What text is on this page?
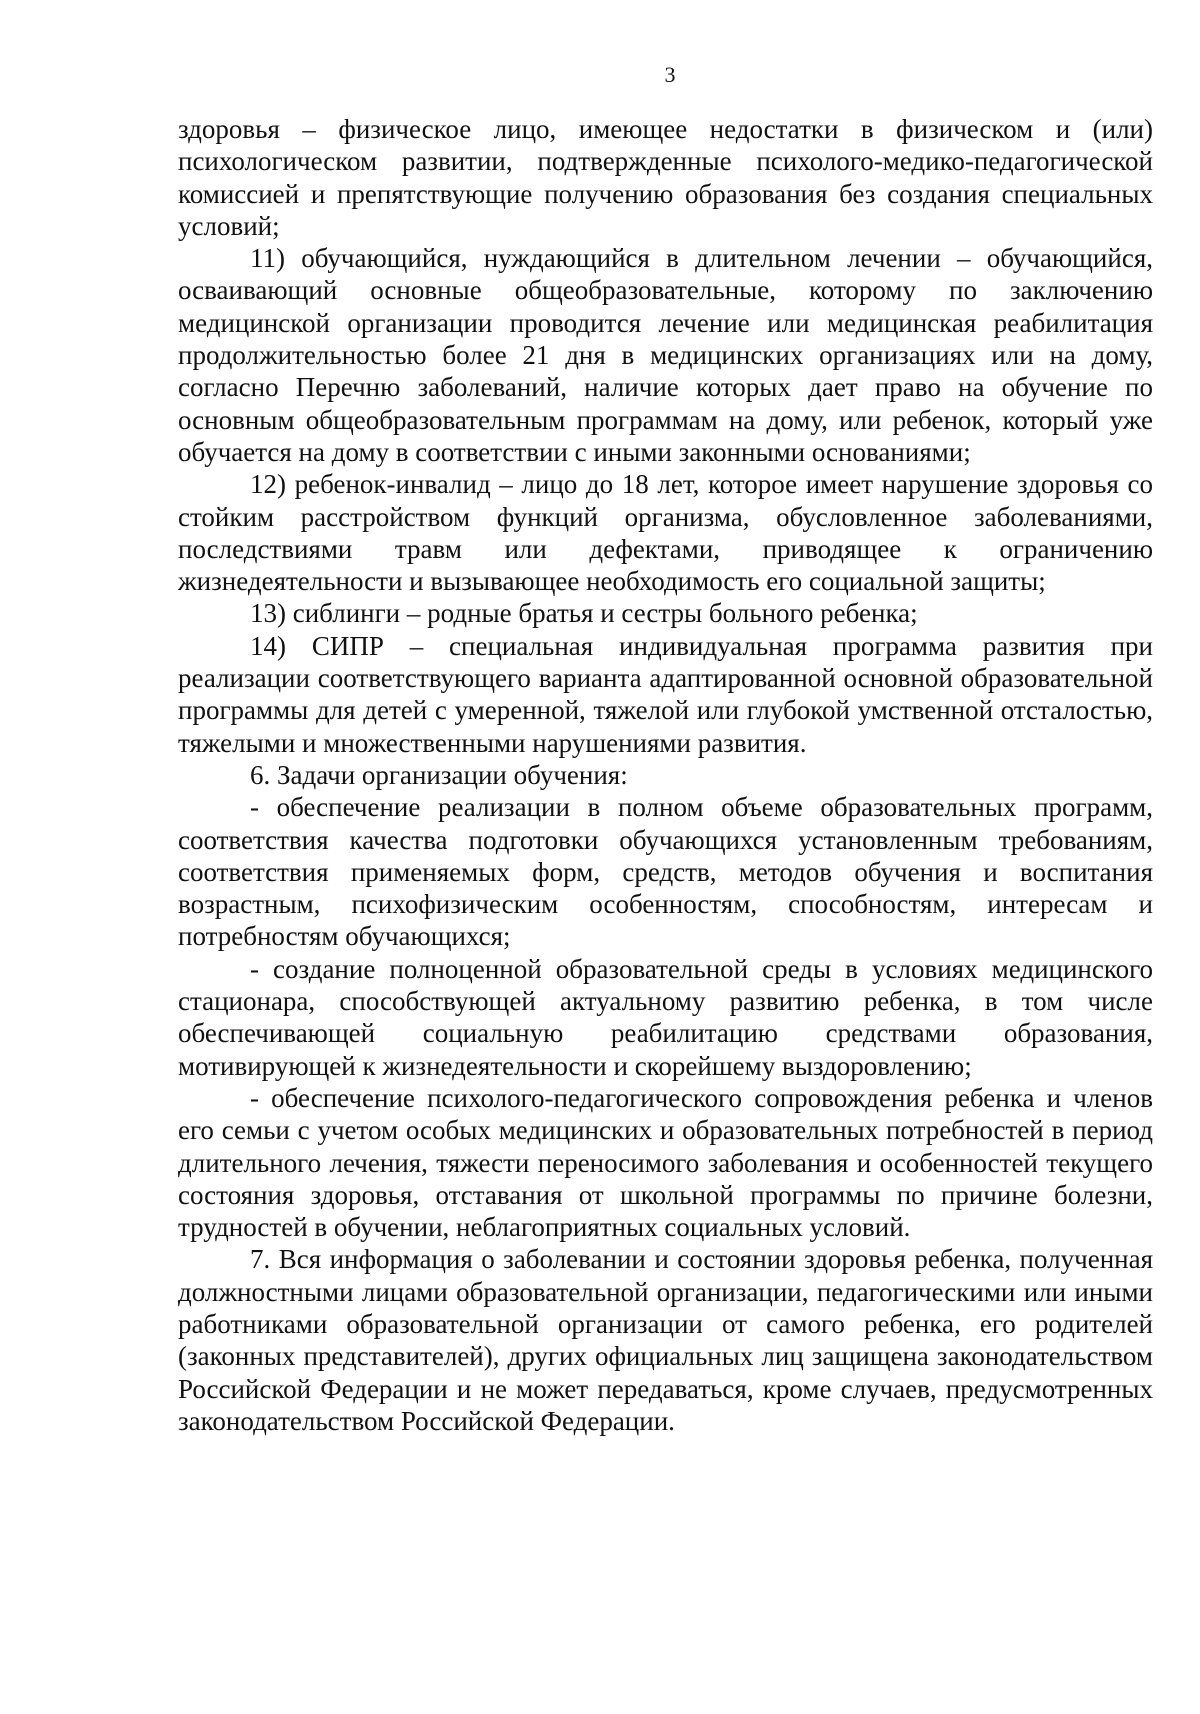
3

здоровья – физическое лицо, имеющее недостатки в физическом и (или) психологическом развитии, подтвержденные психолого-медико-педагогической комиссией и препятствующие получению образования без создания специальных условий;

11) обучающийся, нуждающийся в длительном лечении – обучающийся, осваивающий основные общеобразовательные, которому по заключению медицинской организации проводится лечение или медицинская реабилитация продолжительностью более 21 дня в медицинских организациях или на дому, согласно Перечню заболеваний, наличие которых дает право на обучение по основным общеобразовательным программам на дому, или ребенок, который уже обучается на дому в соответствии с иными законными основаниями;

12) ребенок-инвалид – лицо до 18 лет, которое имеет нарушение здоровья со стойким расстройством функций организма, обусловленное заболеваниями, последствиями травм или дефектами, приводящее к ограничению жизнедеятельности и вызывающее необходимость его социальной защиты;

13) сиблинги – родные братья и сестры больного ребенка;

14) СИПР – специальная индивидуальная программа развития при реализации соответствующего варианта адаптированной основной образовательной программы для детей с умеренной, тяжелой или глубокой умственной отсталостью, тяжелыми и множественными нарушениями развития.

6. Задачи организации обучения:

- обеспечение реализации в полном объеме образовательных программ, соответствия качества подготовки обучающихся установленным требованиям, соответствия применяемых форм, средств, методов обучения и воспитания возрастным, психофизическим особенностям, способностям, интересам и потребностям обучающихся;

- создание полноценной образовательной среды в условиях медицинского стационара, способствующей актуальному развитию ребенка, в том числе обеспечивающей социальную реабилитацию средствами образования, мотивирующей к жизнедеятельности и скорейшему выздоровлению;

- обеспечение психолого-педагогического сопровождения ребенка и членов его семьи с учетом особых медицинских и образовательных потребностей в период длительного лечения, тяжести переносимого заболевания и особенностей текущего состояния здоровья, отставания от школьной программы по причине болезни, трудностей в обучении, неблагоприятных социальных условий.

7. Вся информация о заболевании и состоянии здоровья ребенка, полученная должностными лицами образовательной организации, педагогическими или иными работниками образовательной организации от самого ребенка, его родителей (законных представителей), других официальных лиц защищена законодательством Российской Федерации и не может передаваться, кроме случаев, предусмотренных законодательством Российской Федерации.
